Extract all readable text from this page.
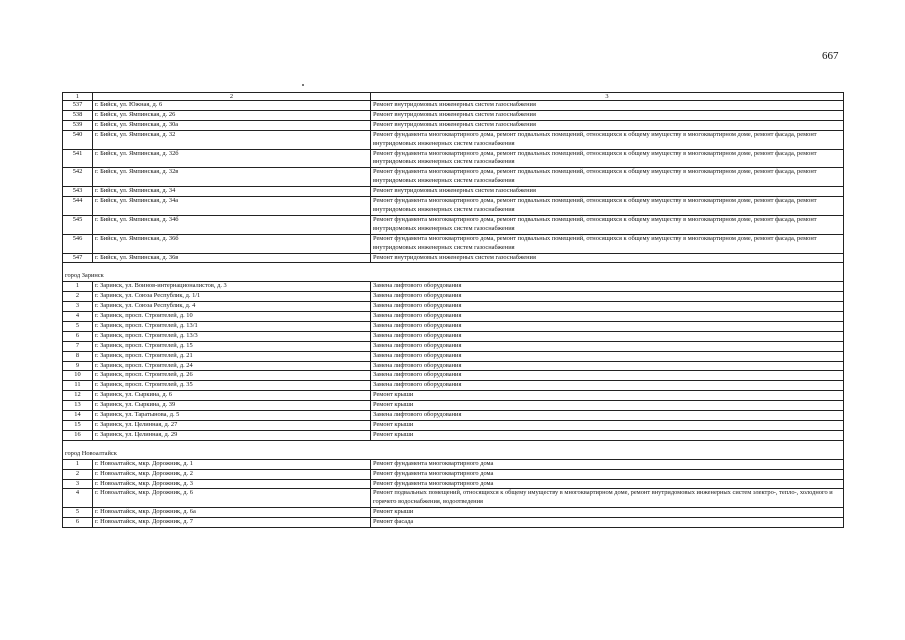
667
1	2	3
537	г. Бийск, ул. Южная, д. 6	Ремонт внутридомовых инженерных систем газоснабжения
538	г. Бийск, ул. Ямпинская, д. 26	Ремонт внутридомовых инженерных систем газоснабжения
539	г. Бийск, ул. Ямпинская, д. 30а	Ремонт внутридомовых инженерных систем газоснабжения
540	г. Бийск, ул. Ямпинская, д. 32	Ремонт фундамента многоквартирного дома, ремонт подвальных помещений, относящихся к общему имуществу в многоквартирном доме, ремонт фасада, ремонт внутридомовых инженерных систем газоснабжения
541	г. Бийск, ул. Ямпинская, д. 32б	Ремонт фундамента многоквартирного дома, ремонт подвальных помещений, относящихся к общему имуществу в многоквартирном доме, ремонт фасада, ремонт внутридомовых инженерных систем газоснабжения
542	г. Бийск, ул. Ямпинская, д. 32в	Ремонт фундамента многоквартирного дома, ремонт подвальных помещений, относящихся к общему имуществу в многоквартирном доме, ремонт фасада, ремонт внутридомовых инженерных систем газоснабжения
543	г. Бийск, ул. Ямпинская, д. 34	Ремонт внутридомовых инженерных систем газоснабжения
544	г. Бийск, ул. Ямпинская, д. 34а	Ремонт фундамента многоквартирного дома, ремонт подвальных помещений, относящихся к общему имуществу в многоквартирном доме, ремонт фасада, ремонт внутридомовых инженерных систем газоснабжения
545	г. Бийск, ул. Ямпинская, д. 34б	Ремонт фундамента многоквартирного дома, ремонт подвальных помещений, относящихся к общему имуществу в многоквартирном доме, ремонт фасада, ремонт внутридомовых инженерных систем газоснабжения
546	г. Бийск, ул. Ямпинская, д. 36б	Ремонт фундамента многоквартирного дома, ремонт подвальных помещений, относящихся к общему имуществу в многоквартирном доме, ремонт фасада, ремонт внутридомовых инженерных систем газоснабжения
547	г. Бийск, ул. Ямпинская, д. 36в	Ремонт внутридомовых инженерных систем газоснабжения

город Заринск		
1	г. Заринск, ул. Воинов-интернационалистов, д. 3	Замена лифтового оборудования
2	г. Заринск, ул. Союза Республик, д. 1/1	Замена лифтового оборудования
3	г. Заринск, ул. Союза Республик, д. 4	Замена лифтового оборудования
4	г. Заринск, просп. Строителей, д. 10	Замена лифтового оборудования
5	г. Заринск, просп. Строителей, д. 13/1	Замена лифтового оборудования
6	г. Заринск, просп. Строителей, д. 13/3	Замена лифтового оборудования
7	г. Заринск, просп. Строителей, д. 15	Замена лифтового оборудования
8	г. Заринск, просп. Строителей, д. 21	Замена лифтового оборудования
9	г. Заринск, просп. Строителей, д. 24	Замена лифтового оборудования
10	г. Заринск, просп. Строителей, д. 26	Замена лифтового оборудования
11	г. Заринск, просп. Строителей, д. 35	Замена лифтового оборудования
12	г. Заринск, ул. Сыркина, д. 6	Ремонт крыши
13	г. Заринск, ул. Сыркина, д. 39	Ремонт крыши
14	г. Заринск, ул. Таратынова, д. 5	Замена лифтового оборудования
15	г. Заринск, ул. Целинная, д. 27	Ремонт крыши
16	г. Заринск, ул. Целинная, д. 29	Ремонт крыши

город Новоалтайск		
1	г. Новоалтайск, мкр. Дорожник, д. 1	Ремонт фундамента многоквартирного дома
2	г. Новоалтайск, мкр. Дорожник, д. 2	Ремонт фундамента многоквартирного дома
3	г. Новоалтайск, мкр. Дорожник, д. 3	Ремонт фундамента многоквартирного дома
4	г. Новоалтайск, мкр. Дорожник, д. 6	Ремонт подвальных помещений, относящихся к общему имуществу в многоквартирном доме, ремонт внутридомовых инженерных систем электро-, тепло-, холодного и горячего водоснабжения, водоотведения
5	г. Новоалтайск, мкр. Дорожник, д. 6а	Ремонт крыши
6	г. Новоалтайск, мкр. Дорожник, д. 7	Ремонт фасада
